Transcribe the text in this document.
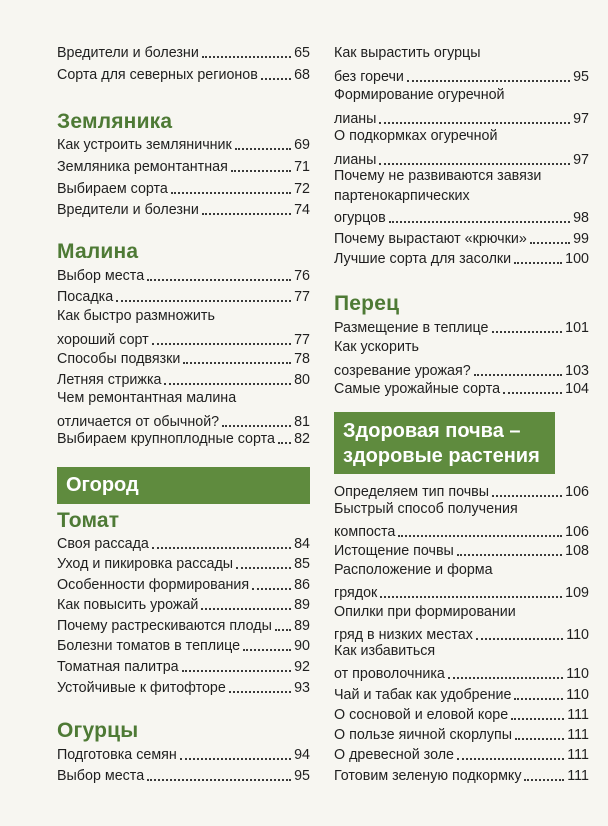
Вредители и болезни	65
Сорта для северных регионов	68
Земляника
Как устроить земляничник	69
Земляника ремонтантная	71
Выбираем сорта	72
Вредители и болезни	74
Малина
Выбор места	76
Посадка	77
Как быстро размножить
хороший сорт	77
Способы подвязки	78
Летняя стрижка	80
Чем ремонтантная малина
отличается от обычной?	81
Выбираем крупноплодные сорта 82
Огород
Томат
Своя рассада	84
Уход и пикировка рассады	85
Особенности формирования	86
Как повысить урожай	89
Почему растрескиваются плоды 89
Болезни томатов в теплице	90
Томатная палитра	92
Устойчивые к фитофторе	93
Огурцы
Подготовка семян	94
Выбор места	95
Как вырастить огурцы
без горечи	95
Формирование огуречной
лианы	97
О подкормках огуречной
лианы	97
Почему не развиваются завязи
партенокарпических
огурцов	98
Почему вырастают «крючки»	99
Лучшие сорта для засолки	100
Перец
Размещение в теплице	101
Как ускорить
созревание урожая?	103
Самые урожайные сорта	104
Здоровая почва –
здоровые растения
Определяем тип почвы	106
Быстрый способ получения
компоста	106
Истощение почвы	108
Расположение и форма
грядок	109
Опилки при формировании
гряд в низких местах	110
Как избавиться
от проволочника	110
Чай и табак как удобрение	110
О сосновой и еловой коре	111
О пользе яичной скорлупы	111
О древесной золе	111
Готовим зеленую подкормку	111
